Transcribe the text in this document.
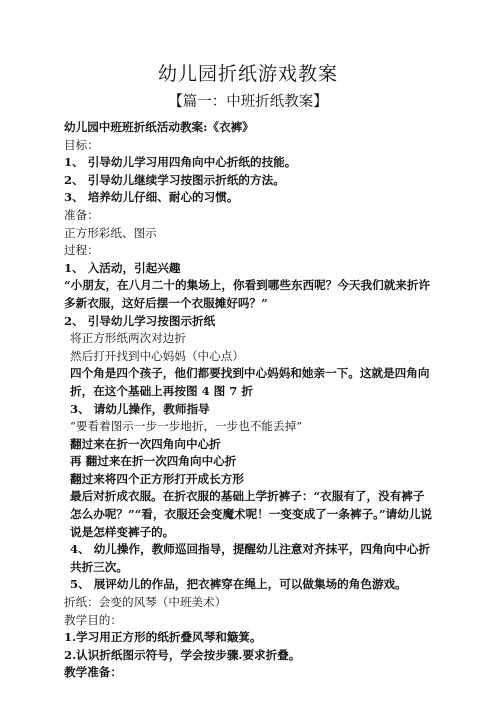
幼儿园折纸游戏教案
【篇一：中班折纸教案】

幼儿园中班班折纸活动教案:《衣裤》

目标：

1、 引导幼儿学习用四角向中心折纸的技能。

2、 引导幼儿继续学习按图示折纸的方法。

3、 培养幼儿仔细、耐心的习惯。

准备：

正方形彩纸、图示

过程：

1、 入活动，引起兴趣

“小朋友，在八月二十的集场上，你看到哪些东西呢？今天我们就来折许多新衣服，这好后摆一个衣服摊好吗？”

2、 引导幼儿学习按图示折纸

将正方形纸两次对边折

然后打开找到中心妈妈（中心点）

四个角是四个孩子，他们都要找到中心妈妈和她亲一下。这就是四角向折，在这个基础上再按图 4 图 7 折

3、 请幼儿操作，教师指导

“要看着图示一步一步地折，一步也不能丢掉”

翻过来在折一次四角向中心折

再 翻过来在折一次四角向中心折

翻过来将四个正方形打开成长方形

最后对折成衣服。在折衣服的基础上学折裤子：“衣服有了，没有裤子怎么办呢？”“看，衣服还会变魔术呢！一变变成了一条裤子。”请幼儿说说是怎样变裤子的。

4、 幼儿操作，教师巡回指导，提醒幼儿注意对齐抹平，四角向中心折共折三次。

5、 展评幼儿的作品，把衣裤穿在绳上，可以做集场的角色游戏。

折纸：会变的风琴（中班美术）

教学目的：

1.学习用正方形的纸折叠风琴和簸箕。

2.认识折纸图示符号，学会按步骤.要求折叠。

教学准备：
